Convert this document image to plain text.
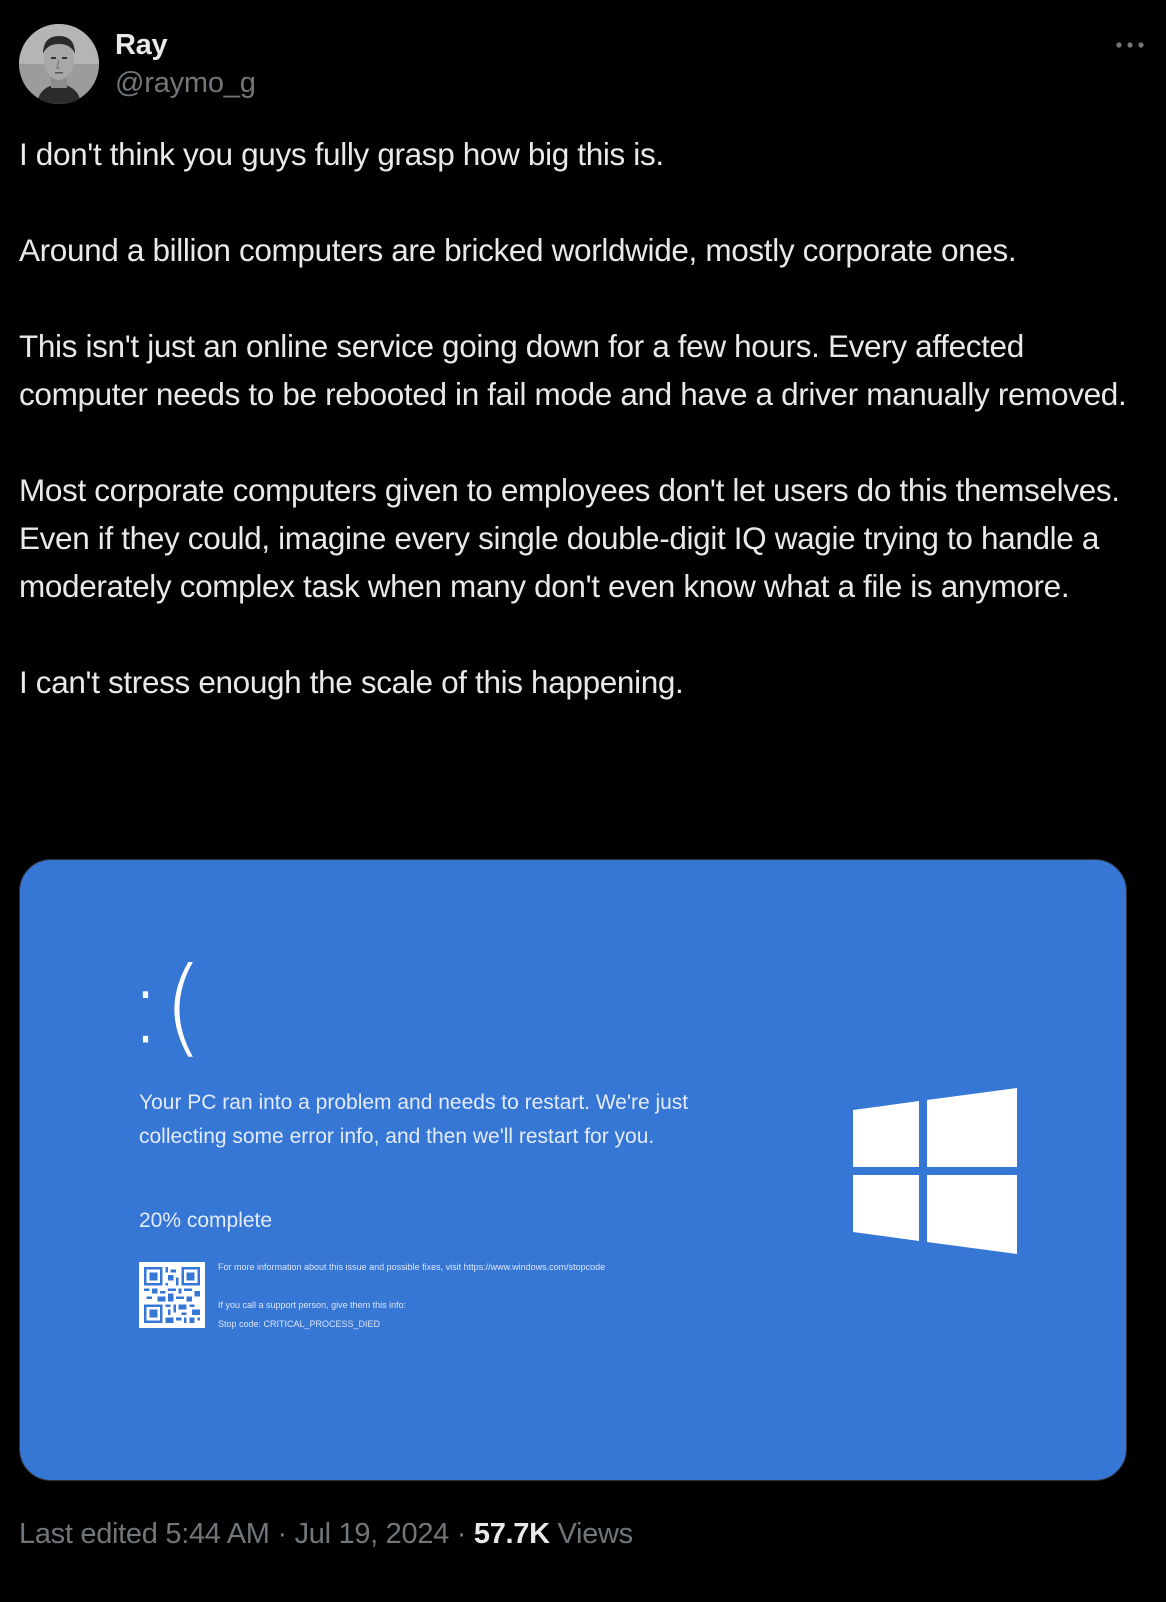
Ray
@raymo_g

I don't think you guys fully grasp how big this is.

Around a billion computers are bricked worldwide, mostly corporate ones.

This isn't just an online service going down for a few hours. Every affected computer needs to be rebooted in fail mode and have a driver manually removed.

Most corporate computers given to employees don't let users do this themselves. Even if they could, imagine every single double-digit IQ wagie trying to handle a moderately complex task when many don't even know what a file is anymore.

I can't stress enough the scale of this happening.

:(
Your PC ran into a problem and needs to restart. We're just collecting some error info, and then we'll restart for you.
20% complete
For more information about this issue and possible fixes, visit https://www.windows.com/stopcode
If you call a support person, give them this info:
Stop code: CRITICAL_PROCESS_DIED
Last edited 5:44 AM · Jul 19, 2024 · 57.7K Views
